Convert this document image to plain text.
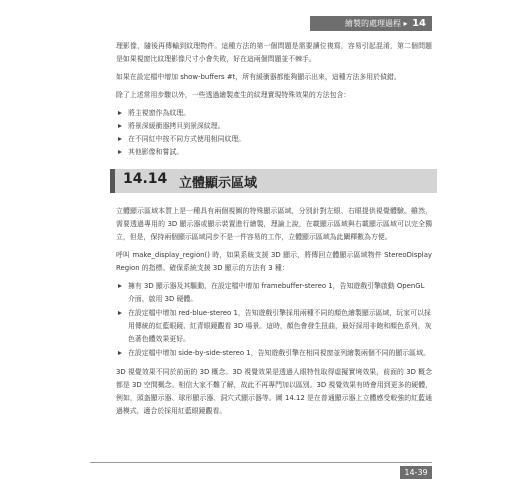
繪製的處理過程 ▸ 14

理影像，隨後再傳輸到紋理物件。這種方法的第一個問題是需要讀位複寫，容易引起混淆，第二個問題是如果視窗比紋理影像尺寸小會失敗，好在這兩個問題並不棘手。

如果在設定檔中增加 show-buffers #t，所有緩衝器都能夠顯示出來，這種方法多用於偵錯。

除了上述常用步驟以外，一些透過繪製產生的紋理實現特殊效果的方法包含：

將主視窗作為紋理。
將景深緩衝器拷貝到景深紋理。
在不同紅中按不同方式使用相同紋理。
其他影像和嘗試。
14.14 立體顯示區域

立體顯示區域本質上是一種具有兩個視圖的特殊顯示區域，分別針對左眼、右眼提供視覺體驗。雖然，需要透過專用的 3D 顯示器或顯示裝置進行繪製，理論上說，在載顯示區域與右載顯示區域可以完全獨立，但是，保持兩個顯示區域同步不是一件容易的工作，立體顯示區域為此闡釋數為方便。

呼叫 make_display_region() 時，如果系統支援 3D 顯示，將傳回立體顯示區域物件 StereoDisplayRegion 的指標。確保系統支援 3D 顯示的方法有 3 種：

擁有 3D 顯示器及其驅動，在設定檔中增加 framebuffer-stereo 1，告知遊戲引擎啟動 OpenGL 介面，啟用 3D 硬體。
在設定檔中增加 red-blue-stereo 1，告知遊戲引擎採用兩種不同的顏色繪製顯示區域，玩家可以採用傳統的紅藍眼鏡、紅青眼鏡觀看 3D 場景。這時，顏色會發生扭曲，最好採用非飽和顏色系列，灰色著色體效果更好。
在設定檔中增加 side-by-side-stereo 1，告知遊戲引擎在相同視窗並列繪製兩個不同的顯示區域。

3D 視覺效果不同於前面的 3D 概念。3D 視覺效果是透過人眼特性取得虛擬實境效果，前面的 3D 概念都是 3D 空間概念。相信大家不難了解，故此不再專門加以區別。3D 視覺效果有時會用到更多的硬體，例如，頭盔顯示器、球形顯示器、洞穴式顯示器等。圖 14.12 是在普通顯示器上立體感受較強的紅藍通過模式，適合於採用紅藍眼鏡觀看。

14-39
